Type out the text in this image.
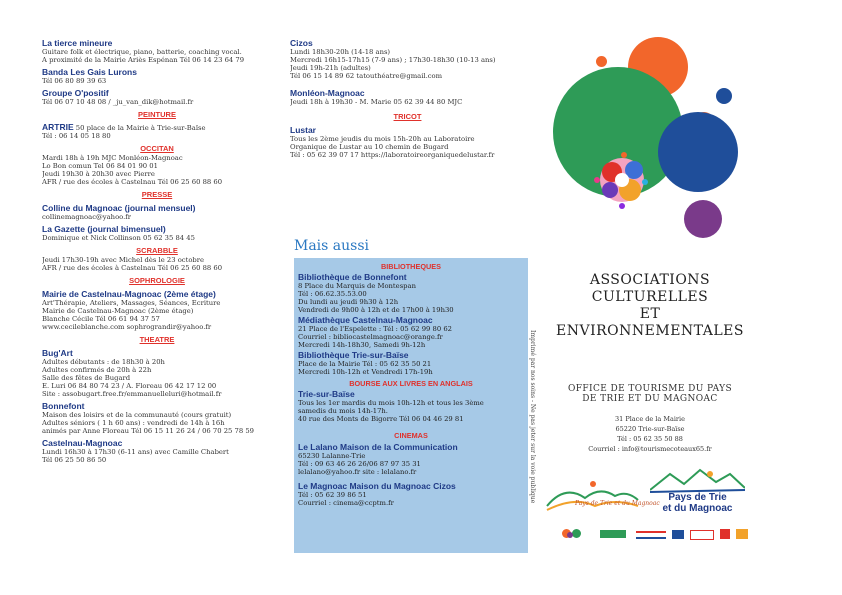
La tierce mineure
Guitare folk et électrique, piano, batterie, coaching vocal.
A proximité de la Mairie Ariès Espénan Tél 06 14 23 64 79
Banda Les Gais Lurons
Tél 06 80 89 39 63
Groupe O'positif
Tél 06 07 10 48 08 / _ju_van_dik@hotmail.fr
PEINTURE
ARTRIE 50 place de la Mairie à Trie-sur-Baïse
Tél : 06 14 05 18 80
OCCITAN
Mardi 18h à 19h MJC Monléon-Magnoac
Lo Bon comun Tel 06 84 01 90 01
Jeudi 19h30 à 20h30 avec Pierre
AFR / rue des écoles à Castelnau Tél 06 25 60 88 60
PRESSE
Colline du Magnoac (journal mensuel)
collinemagnoac@yahoo.fr
La Gazette (journal bimensuel)
Dominique et Nick Collinson 05 62 35 84 45
SCRABBLE
Jeudi 17h30-19h avec Michel dès le 23 octobre
AFR / rue des écoles à Castelnau Tél 06 25 60 88 60
SOPHROLOGIE
Mairie de Castelnau-Magnoac (2ème étage)
Art'Thérapie, Ateliers, Massages, Séances, Ecriture
Mairie de Castelnau-Magnoac (2ème étage)
Blanche Cécile Tél 06 61 94 37 57
www.cecileblanche.com sophrograndir@yahoo.fr
THEATRE
Bug'Art
Adultes débutants : de 18h30 à 20h
Adultes confirmés de 20h à 22h
Salle des fêtes de Bugard
E. Luri 06 84 80 74 23 / A. Floreau 06 42 17 12 00
Site : assobugart.free.fr/emmanuelleluri@hotmail.fr
Bonnefont
Maison des loisirs et de la communauté (cours gratuit)
Adultes séniors ( 1 h 60 ans) : vendredi de 14h à 16h
animés par Anne Floreau Tél 06 15 11 26 24 / 06 70 25 78 59
Castelnau-Magnoac
Lundi 16h30 à 17h30 (6-11 ans) avec Camille Chabert
Tél 06 25 50 86 50
Cizos
Lundi 18h30-20h (14-18 ans)
Mercredi 16h15-17h15 (7-9 ans) ; 17h30-18h30 (10-13 ans)
Jeudi 19h-21h (adultes)
Tél 06 15 14 89 62 tatouthéatre@gmail.com
Monléon-Magnoac
Jeudi 18h à 19h30 - M. Marie 05 62 39 44 80 MJC
TRICOT
Lustar
Tous les 2ème jeudis du mois 15h-20h au Laboratoire
Organique de Lustar au 10 chemin de Bugard
Tél : 05 62 39 07 17 https://laboratoireorganiquedelustar.fr
Mais aussi
BIBLIOTHEQUES
Bibliothèque de Bonnefont
8 Place du Marquis de Montespan
Tél : 06.62.35.53.00
Du lundi au jeudi 9h30 à 12h
Vendredi de 9h00 à 12h et de 17h00 à 19h30
Médiathèque Castelnau-Magnoac
21 Place de l'Espelette : Tél : 05 62 99 80 62
Courriel : bibliocastelmagnoac@orange.fr
Mercredi 14h-18h30, Samedi 9h-12h
Bibliothèque Trie-sur-Baïse
Place de la Mairie Tél : 05 62 35 50 21
Mercredi 10h-12h et Vendredi 17h-19h
BOURSE AUX LIVRES EN ANGLAIS
Trie-sur-Baïse
Tous les 1er mardis du mois 10h-12h et tous les 3ème
samedis du mois 14h-17h.
40 rue des Monts de Bigorre Tél 06 04 46 29 81
CINEMAS
Le Lalano Maison de la Communication
65230 Lalanne-Trie
Tél : 09 63 46 26 26/06 87 97 35 31
lelalano@yahoo.fr site : lelalano.fr
Le Magnoac Maison du Magnoac Cizos
Tél : 05 62 39 86 51
Courriel : cinema@ccptm.fr	Imprimé par nos soins - Ne pas jeter sur la voie publique
ASSOCIATIONS
CULTURELLES
ET
ENVIRONNEMENTALES
OFFICE DE TOURISME DU PAYS
DE TRIE ET DU MAGNOAC
31 Place de la Mairie
65220 Trie-sur-Baïse
Tél : 05 62 35 50 88
Courriel : info@tourismecoteaux65.fr
Pays de Trie et du Magnoac
Pays de Trie
et du Magnoac
